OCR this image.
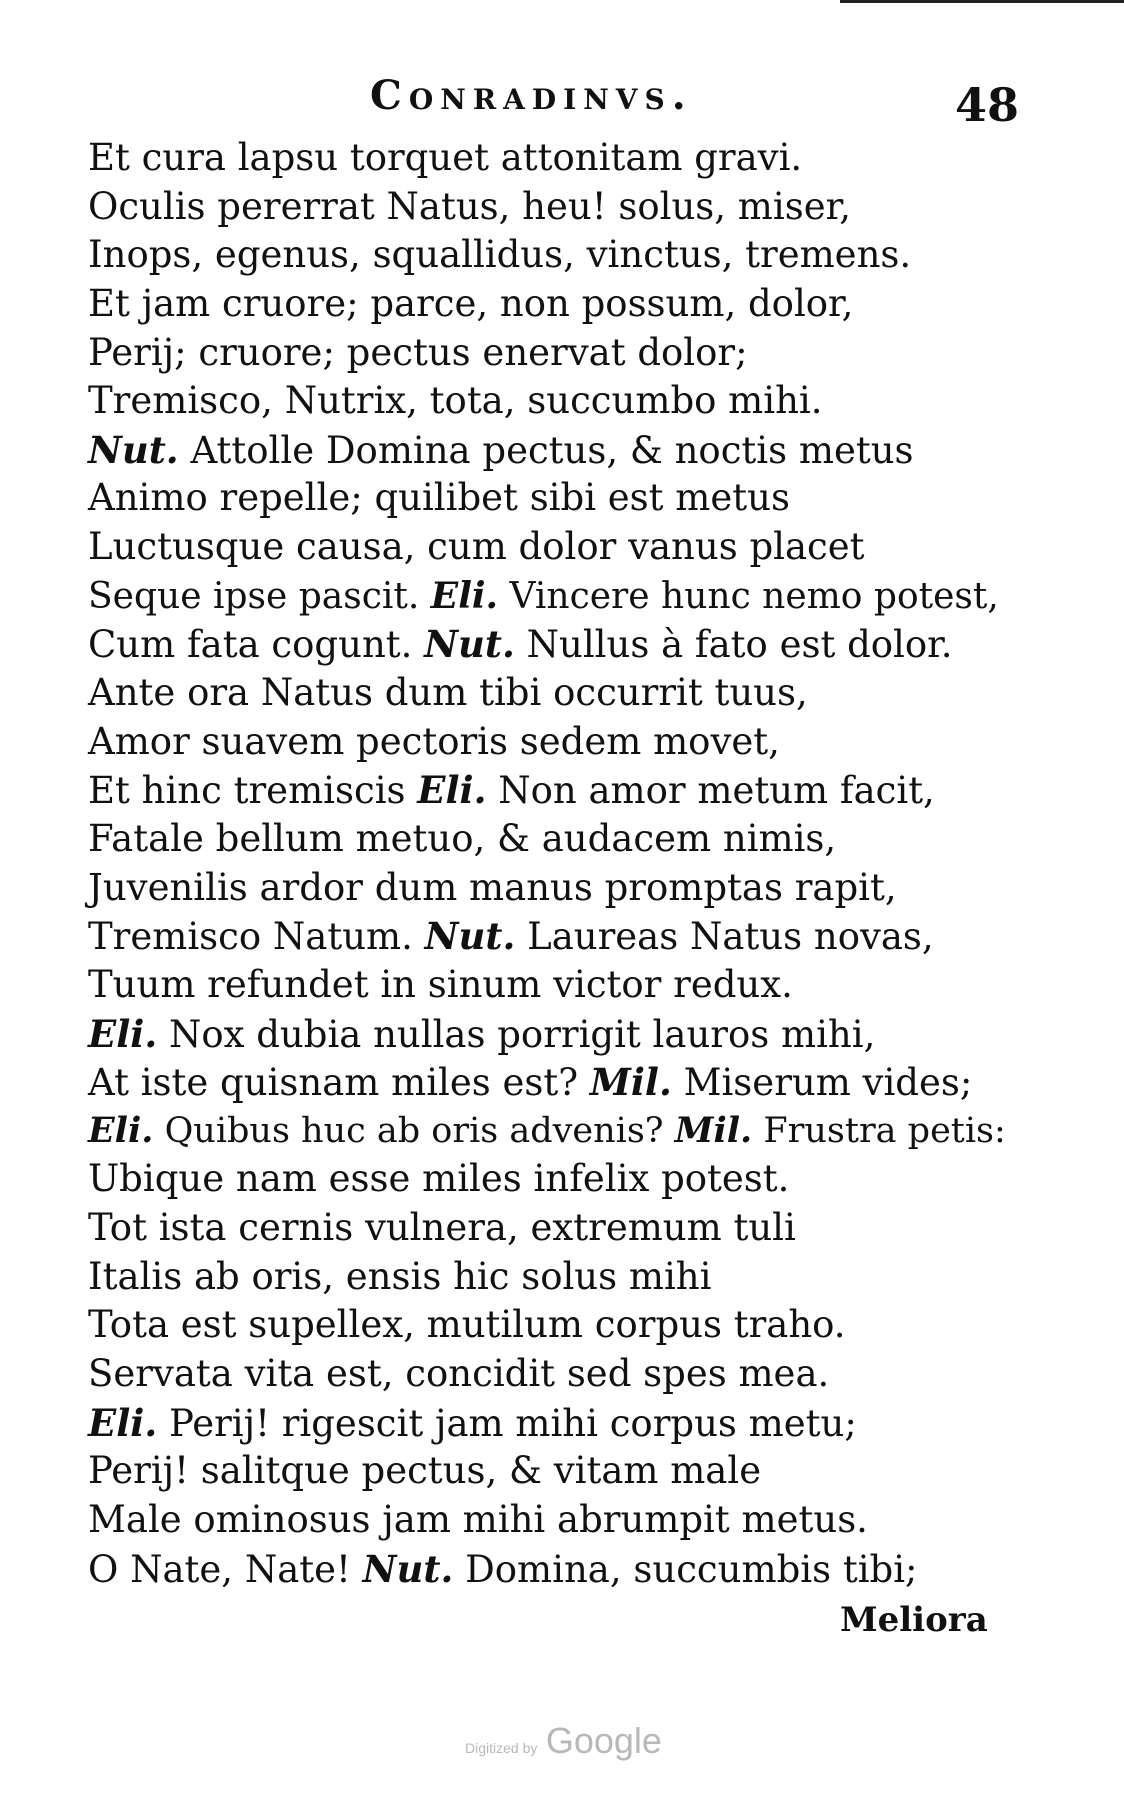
Conradinvs.	48
Et cura lapsu torquet attonitam gravi.
Oculis pererrat Natus, heu! solus, miser,
Inops, egenus, squallidus, vinctus, tremens.
Et jam cruore; parce, non possum, dolor,
Perij; cruore; pectus enervat dolor;
Tremisco, Nutrix, tota, succumbo mihi.
Nut. Attolle Domina pectus, & noctis metus
Animo repelle; quilibet sibi est metus
Luctusque causa, cum dolor vanus placet
Seque ipse pascit. Eli. Vincere hunc nemo potest,
Cum fata cogunt. Nut. Nullus à fato est dolor.
Ante ora Natus dum tibi occurrit tuus,
Amor suavem pectoris sedem movet,
Et hinc tremiscis Eli. Non amor metum facit,
Fatale bellum metuo, & audacem nimis,
Juvenilis ardor dum manus promptas rapit,
Tremisco Natum. Nut. Laureas Natus novas,
Tuum refundet in sinum victor redux.
Eli. Nox dubia nullas porrigit lauros mihi,
At iste quisnam miles est? Mil. Miserum vides;
Eli. Quibus huc ab oris advenis? Mil. Frustra petis:
Ubique nam esse miles infelix potest.
Tot ista cernis vulnera, extremum tuli
Italis ab oris, ensis hic solus mihi
Tota est supellex, mutilum corpus traho.
Servata vita est, concidit sed spes mea.
Eli. Perij! rigescit jam mihi corpus metu;
Perij! salitque pectus, & vitam male
Male ominosus jam mihi abrumpit metus.
O Nate, Nate! Nut. Domina, succumbis tibi;
Meliora
Digitized by Google
